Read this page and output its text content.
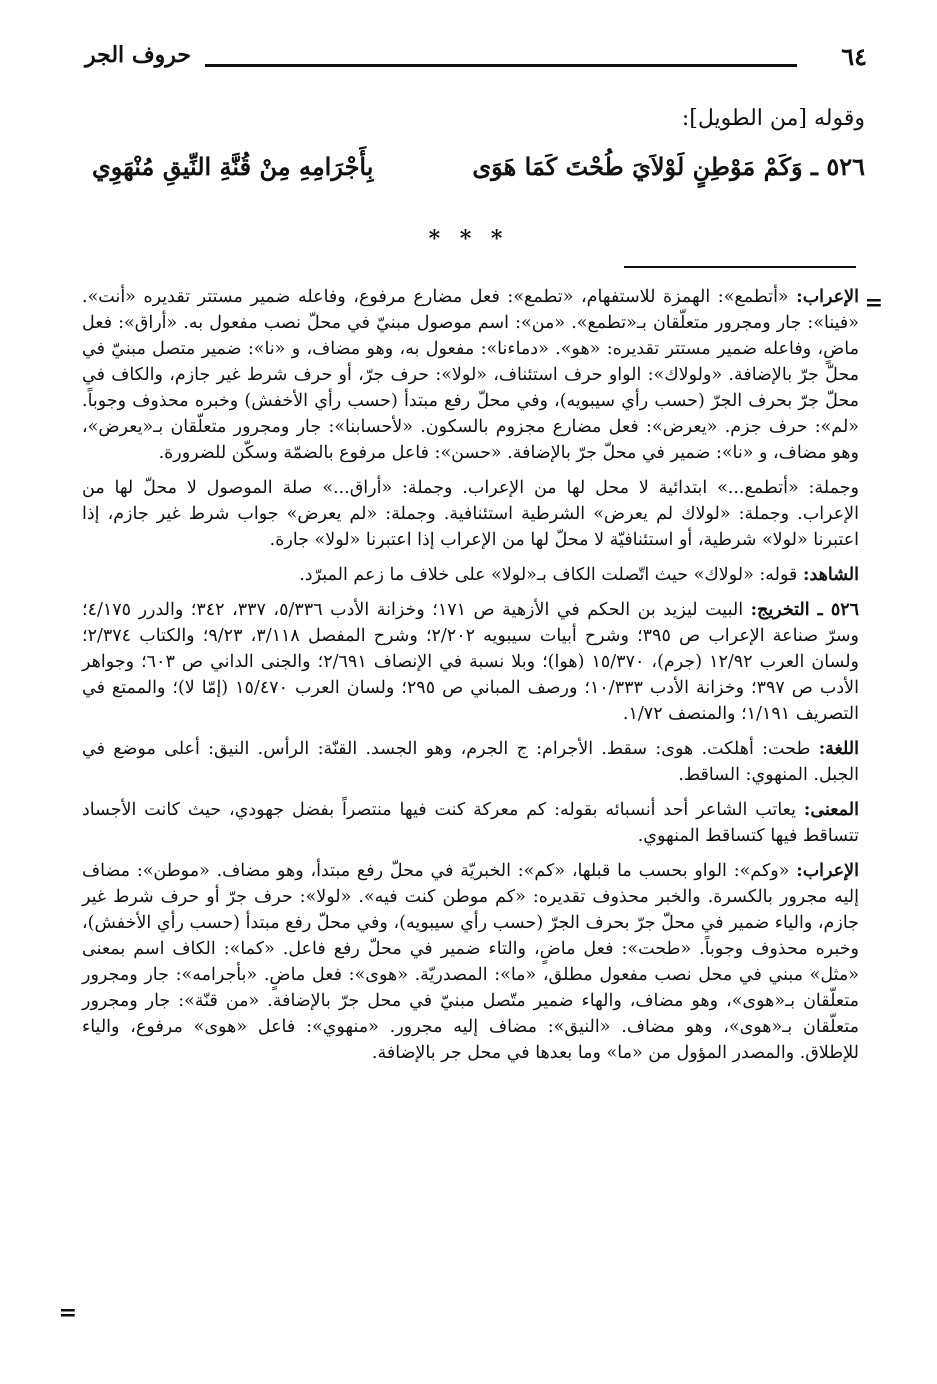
٦٤
حروف الجر
وقوله [من الطويل]:
٥٢٦ ـ وَكَمْ مَوْطِنٍ لَوْلاَيَ طُحْتَ كَمَا هَوَى
بِأَجْرَامِهِ مِنْ قُنَّةِ النِّيقِ مُنْهَوِي
* * *
=
=

الإعراب: «أتطمع»: الهمزة للاستفهام، «تطمع»: فعل مضارع مرفوع، وفاعله ضمير مستتر تقديره «أنت». «فينا»: جار ومجرور متعلّقان بـ«تطمع». «من»: اسم موصول مبنيّ في محلّ نصب مفعول به. «أراق»: فعل ماضٍ، وفاعله ضمير مستتر تقديره: «هو». «دماءنا»: مفعول به، وهو مضاف، و «نا»: ضمير متصل مبنيّ في محلّ جرّ بالإضافة. «ولولاك»: الواو حرف استئناف، «لولا»: حرف جرّ، أو حرف شرط غير جازم، والكاف في محلّ جرّ بحرف الجرّ (حسب رأي سيبويه)، وفي محلّ رفع مبتدأ (حسب رأي الأخفش) وخبره محذوف وجوباً. «لم»: حرف جزم. «يعرض»: فعل مضارع مجزوم بالسكون. «لأحسابنا»: جار ومجرور متعلّقان بـ«يعرض»، وهو مضاف، و «نا»: ضمير في محلّ جرّ بالإضافة. «حسن»: فاعل مرفوع بالضمّة وسكّن للضرورة.

وجملة: «أتطمع...» ابتدائية لا محل لها من الإعراب. وجملة: «أراق...» صلة الموصول لا محلّ لها من الإعراب. وجملة: «لولاك لم يعرض» الشرطية استئنافية. وجملة: «لم يعرض» جواب شرط غير جازم، إذا اعتبرنا «لولا» شرطية، أو استئنافيّة لا محلّ لها من الإعراب إذا اعتبرنا «لولا» جارة.

الشاهد: قوله: «لولاك» حيث اتّصلت الكاف بـ«لولا» على خلاف ما زعم المبرّد.

٥٢٦ ـ التخريج: البيت ليزيد بن الحكم في الأزهية ص ١٧١؛ وخزانة الأدب ٥/٣٣٦، ٣٣٧، ٣٤٢؛ والدرر ٤/١٧٥؛ وسرّ صناعة الإعراب ص ٣٩٥؛ وشرح أبيات سيبويه ٢/٢٠٢؛ وشرح المفصل ٣/١١٨، ٩/٢٣؛ والكتاب ٢/٣٧٤؛ ولسان العرب ١٢/٩٢ (جرم)، ١٥/٣٧٠ (هوا)؛ وبلا نسبة في الإنصاف ٢/٦٩١؛ والجنى الداني ص ٦٠٣؛ وجواهر الأدب ص ٣٩٧؛ وخزانة الأدب ١٠/٣٣٣؛ ورصف المباني ص ٢٩٥؛ ولسان العرب ١٥/٤٧٠ (إمّا لا)؛ والممتع في التصريف ١/١٩١؛ والمنصف ١/٧٢.

اللغة: طحت: أهلكت. هوى: سقط. الأجرام: ج الجرم، وهو الجسد. القنّة: الرأس. النيق: أعلى موضع في الجبل. المنهوي: الساقط.

المعنى: يعاتب الشاعر أحد أنسبائه بقوله: كم معركة كنت فيها منتصراً بفضل جهودي، حيث كانت الأجساد تتساقط فيها كتساقط المنهوي.

الإعراب: «وكم»: الواو بحسب ما قبلها، «كم»: الخبريّة في محلّ رفع مبتدأ، وهو مضاف. «موطن»: مضاف إليه مجرور بالكسرة. والخبر محذوف تقديره: «كم موطن كنت فيه». «لولا»: حرف جرّ أو حرف شرط غير جازم، والياء ضمير في محلّ جرّ بحرف الجرّ (حسب رأي سيبويه)، وفي محلّ رفع مبتدأ (حسب رأي الأخفش)، وخبره محذوف وجوباً. «طحت»: فعل ماضٍ، والتاء ضمير في محلّ رفع فاعل. «كما»: الكاف اسم بمعنى «مثل» مبني في محل نصب مفعول مطلق، «ما»: المصدريّة. «هوى»: فعل ماضٍ. «بأجرامه»: جار ومجرور متعلّقان بـ«هوى»، وهو مضاف، والهاء ضمير متّصل مبنيّ في محل جرّ بالإضافة. «من قنّة»: جار ومجرور متعلّقان بـ«هوى»، وهو مضاف. «النيق»: مضاف إليه مجرور. «منهوي»: فاعل «هوى» مرفوع، والياء للإطلاق. والمصدر المؤول من «ما» وما بعدها في محل جر بالإضافة.
